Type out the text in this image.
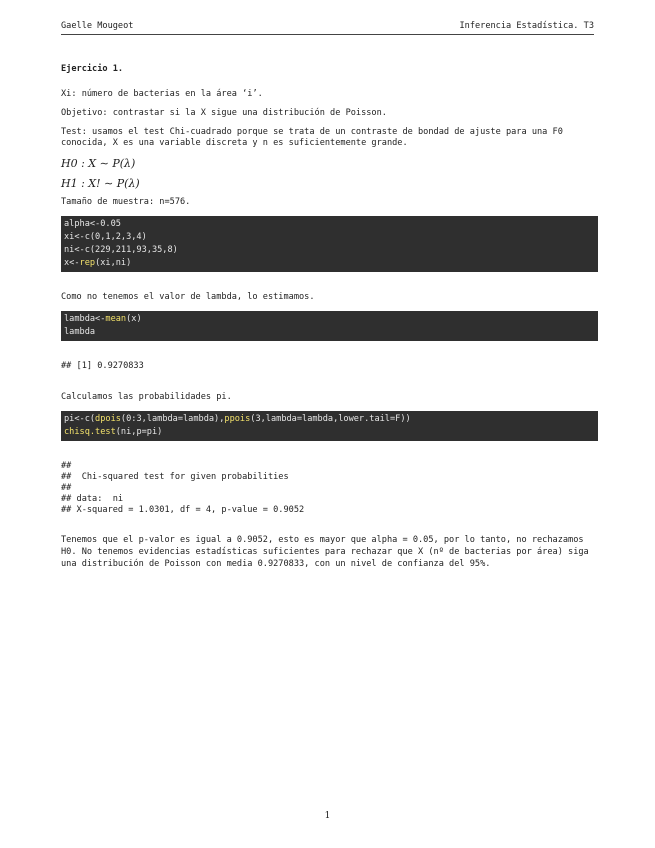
Gaelle Mougeot	Inferencia Estadística. T3
Ejercicio 1.

Xi: número de bacterias en la área ‘i’.

Objetivo: contrastar si la X sigue una distribución de Poisson.

Test: usamos el test Chi-cuadrado porque se trata de un contraste de bondad de ajuste para una F0 conocida, X es una variable discreta y n es suficientemente grande.

H0 : X ∼ P(λ)
H1 : X! ∼ P(λ)

Tamaño de muestra: n=576.

alpha<-0.05
xi<-c(0,1,2,3,4)
ni<-c(229,211,93,35,8)
x<-rep(xi,ni)

Como no tenemos el valor de lambda, lo estimamos.

lambda<-mean(x)
lambda
## [1] 0.9270833

Calculamos las probabilidades pi.

pi<-c(dpois(0:3,lambda=lambda),ppois(3,lambda=lambda,lower.tail=F))
chisq.test(ni,p=pi)
##
##  Chi-squared test for given probabilities
##
## data:  ni
## X-squared = 1.0301, df = 4, p-value = 0.9052

Tenemos que el p-valor es igual a 0.9052, esto es mayor que alpha = 0.05, por lo tanto, no rechazamos H0. No tenemos evidencias estadísticas suficientes para rechazar que X (nº de bacterias por área) siga una distribución de Poisson con media 0.9270833, con un nivel de confianza del 95%.

1
